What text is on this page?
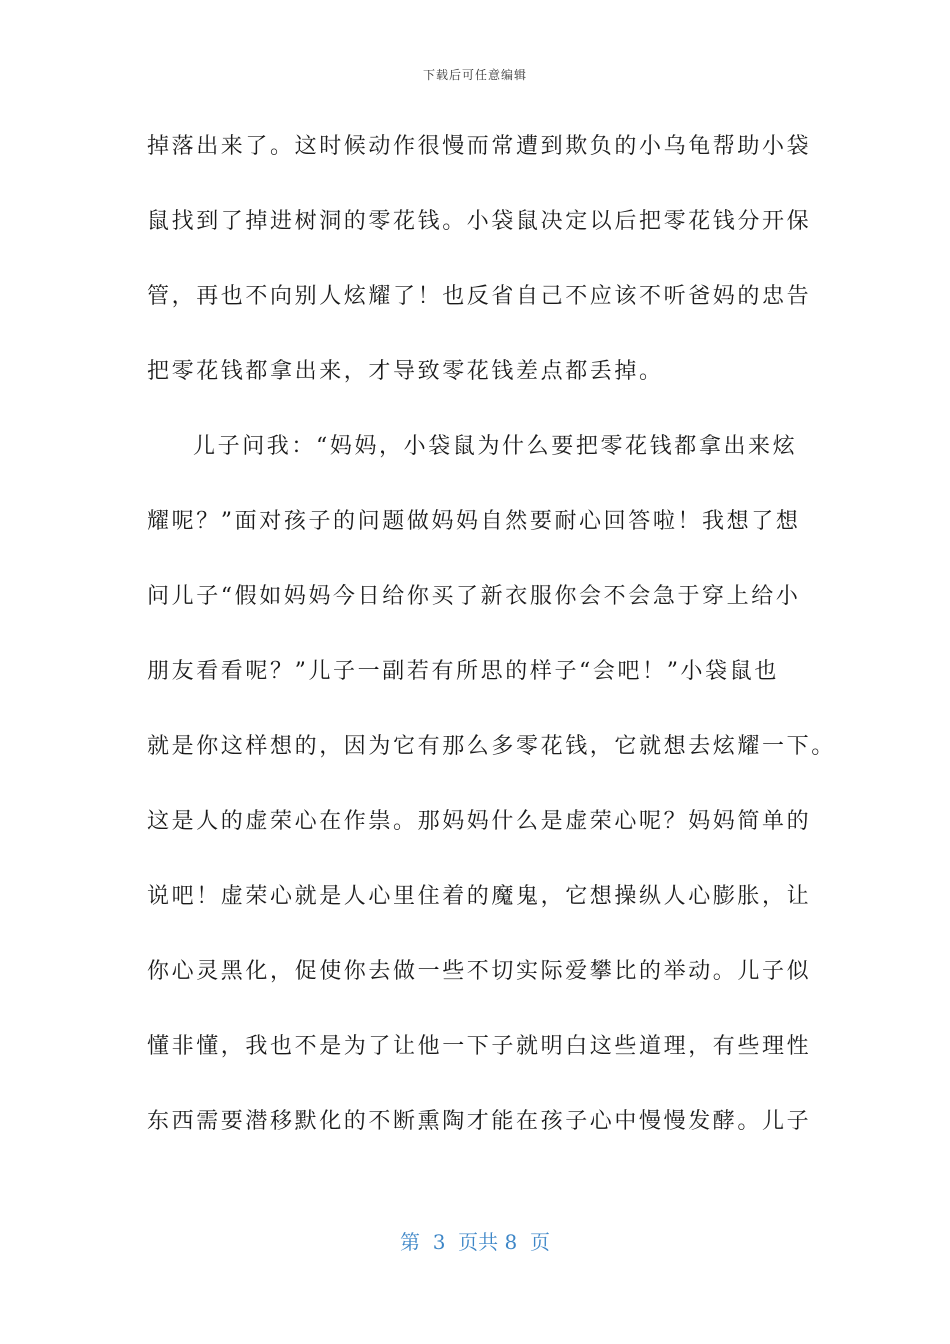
下载后可任意编辑
掉落出来了。这时候动作很慢而常遭到欺负的小乌龟帮助小袋
鼠找到了掉进树洞的零花钱。小袋鼠决定以后把零花钱分开保
管，再也不向别人炫耀了！也反省自己不应该不听爸妈的忠告
把零花钱都拿出来，才导致零花钱差点都丢掉。
儿子问我：“妈妈，小袋鼠为什么要把零花钱都拿出来炫
耀呢？”面对孩子的问题做妈妈自然要耐心回答啦！我想了想
问儿子“假如妈妈今日给你买了新衣服你会不会急于穿上给小
朋友看看呢？”儿子一副若有所思的样子“会吧！”小袋鼠也
就是你这样想的，因为它有那么多零花钱，它就想去炫耀一下。
这是人的虚荣心在作祟。那妈妈什么是虚荣心呢？妈妈简单的
说吧！虚荣心就是人心里住着的魔鬼，它想操纵人心膨胀，让
你心灵黑化，促使你去做一些不切实际爱攀比的举动。儿子似
懂非懂，我也不是为了让他一下子就明白这些道理，有些理性
东西需要潜移默化的不断熏陶才能在孩子心中慢慢发酵。儿子
第  3  页共 8  页
